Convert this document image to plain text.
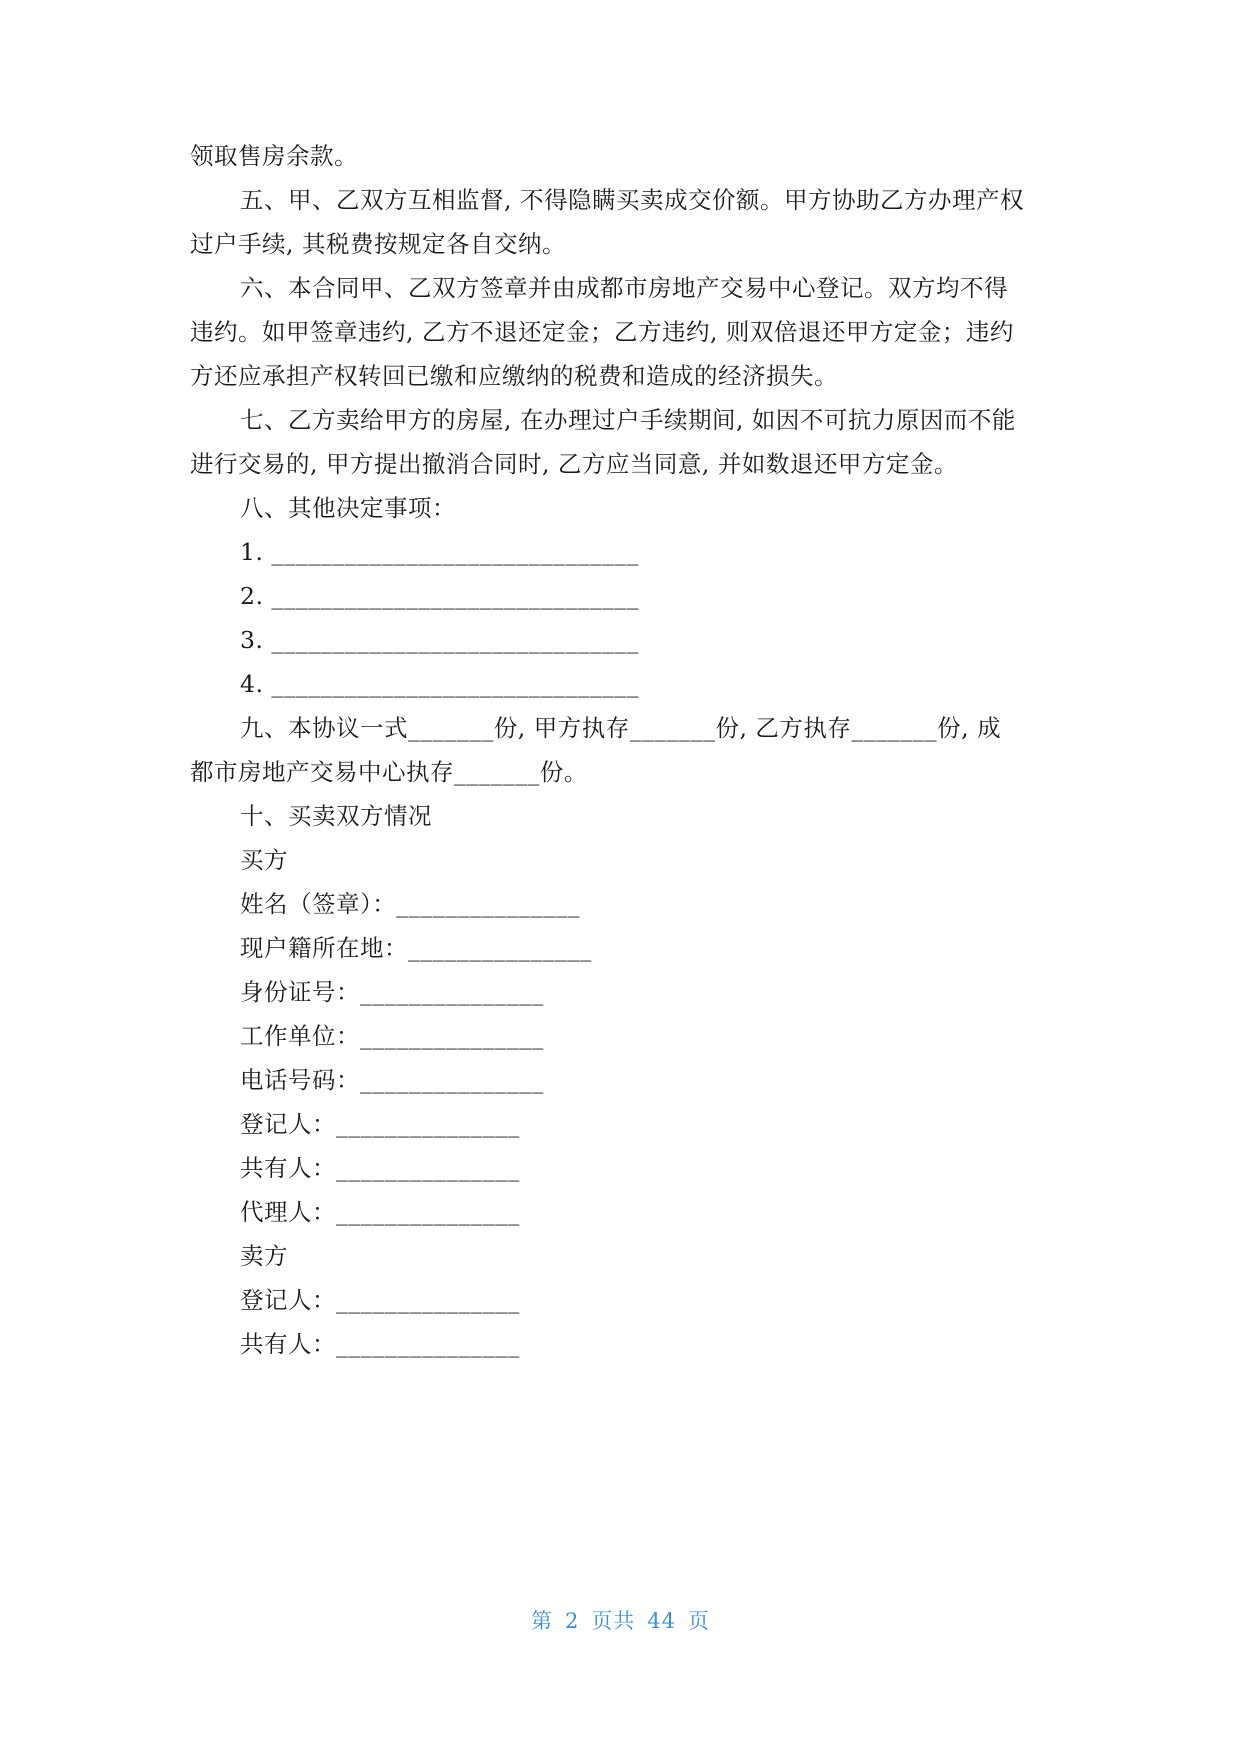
领取售房余款。
五、甲、乙双方互相监督, 不得隐瞒买卖成交价额。甲方协助乙方办理产权
过户手续, 其税费按规定各自交纳。
六、本合同甲、乙双方签章并由成都市房地产交易中心登记。双方均不得
违约。如甲签章违约, 乙方不退还定金；乙方违约, 则双倍退还甲方定金；违约
方还应承担产权转回已缴和应缴纳的税费和造成的经济损失。
七、乙方卖给甲方的房屋, 在办理过户手续期间, 如因不可抗力原因而不能
进行交易的, 甲方提出撤消合同时, 乙方应当同意, 并如数退还甲方定金。
八、其他决定事项：
1. ______________________________
2. ______________________________
3. ______________________________
4. ______________________________
九、本协议一式_______份, 甲方执存_______份, 乙方执存_______份, 成
都市房地产交易中心执存_______份。
十、买卖双方情况
买方
姓名（签章）：_______________
现户籍所在地：_______________
身份证号：_______________
工作单位：_______________
电话号码：_______________
登记人：_______________
共有人：_______________
代理人：_______________
卖方
登记人：_______________
共有人：_______________
第 2 页共 44 页
